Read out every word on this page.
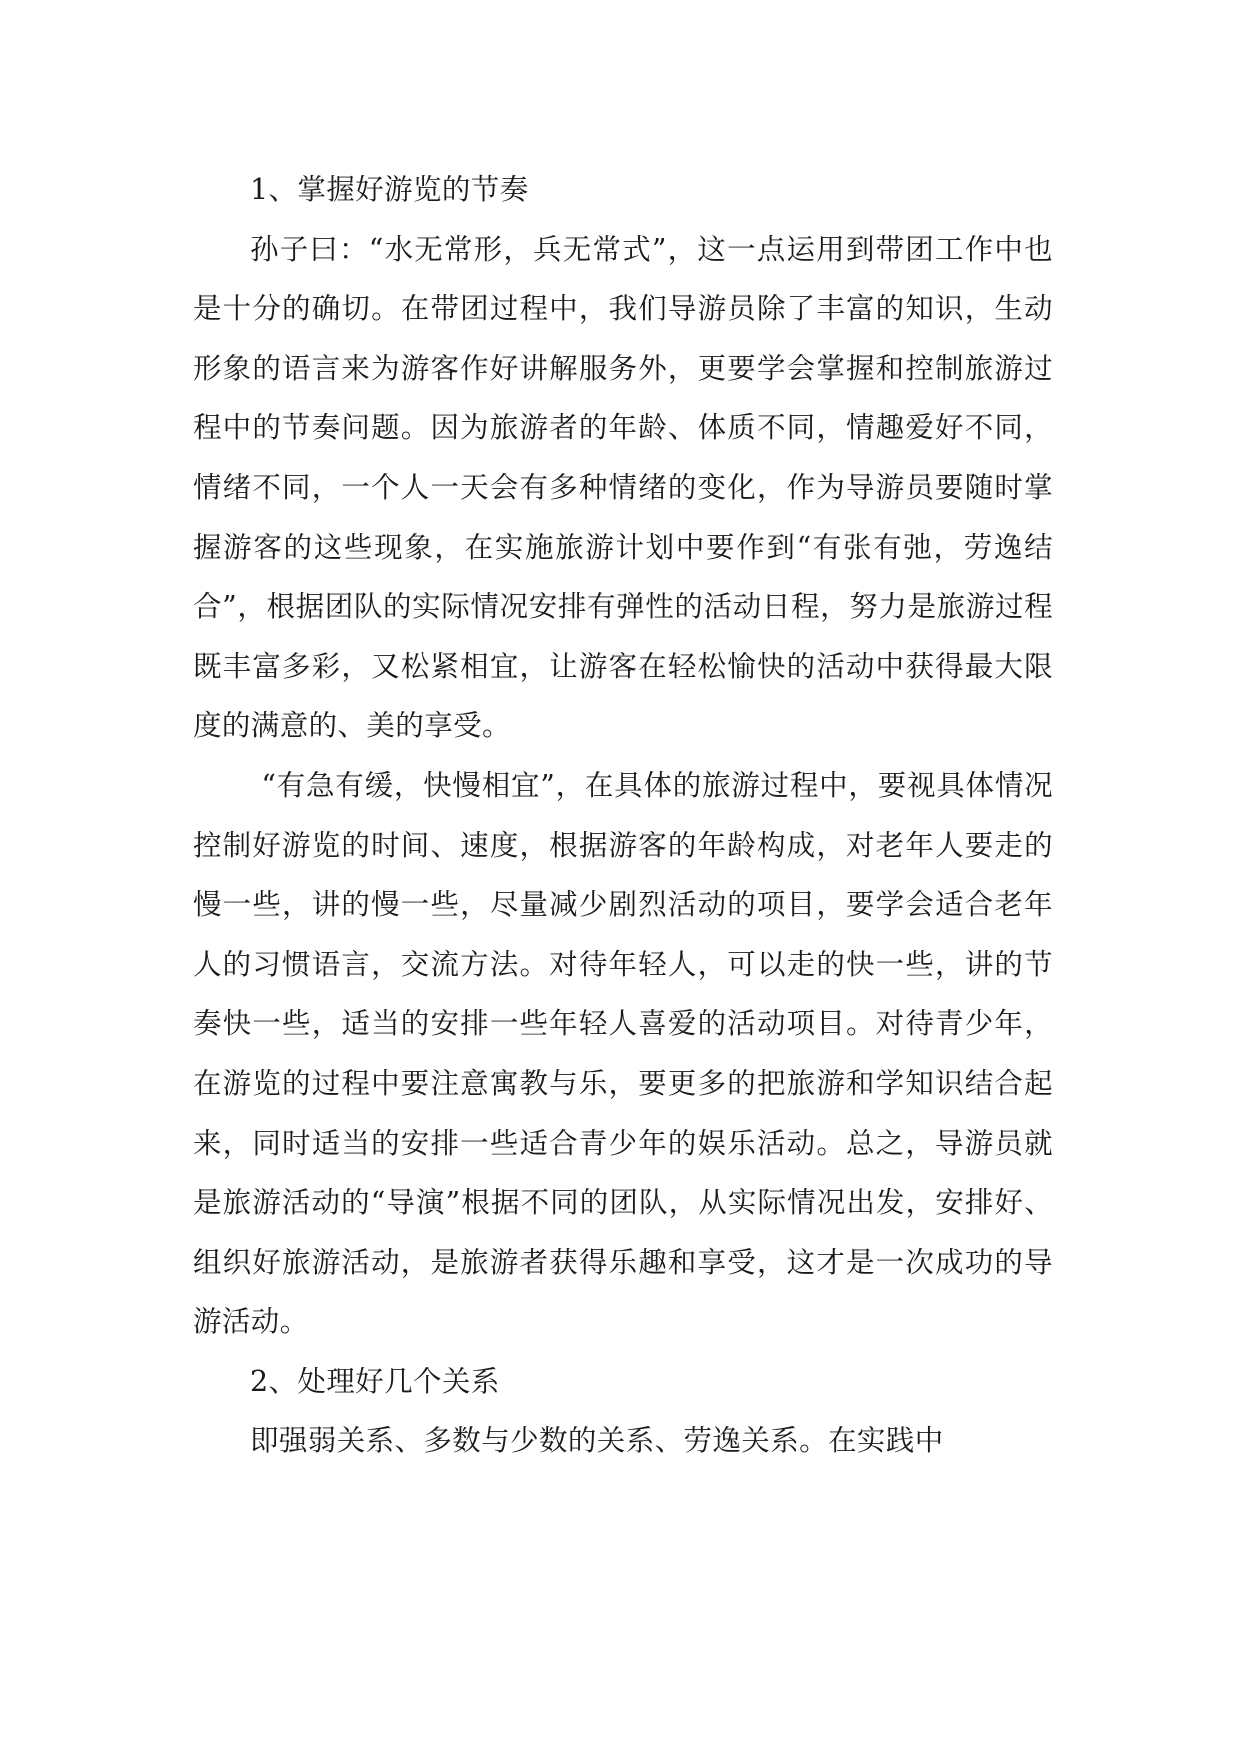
1、掌握好游览的节奏

孙子曰：“水无常形，兵无常式”，这一点运用到带团工作中也是十分的确切。在带团过程中，我们导游员除了丰富的知识，生动形象的语言来为游客作好讲解服务外，更要学会掌握和控制旅游过程中的节奏问题。因为旅游者的年龄、体质不同，情趣爱好不同，情绪不同，一个人一天会有多种情绪的变化，作为导游员要随时掌握游客的这些现象，在实施旅游计划中要作到“有张有弛，劳逸结合”，根据团队的实际情况安排有弹性的活动日程，努力是旅游过程既丰富多彩，又松紧相宜，让游客在轻松愉快的活动中获得最大限度的满意的、美的享受。

“有急有缓，快慢相宜”，在具体的旅游过程中，要视具体情况控制好游览的时间、速度，根据游客的年龄构成，对老年人要走的慢一些，讲的慢一些，尽量减少剧烈活动的项目，要学会适合老年人的习惯语言，交流方法。对待年轻人，可以走的快一些，讲的节奏快一些，适当的安排一些年轻人喜爱的活动项目。对待青少年，在游览的过程中要注意寓教与乐，要更多的把旅游和学知识结合起来，同时适当的安排一些适合青少年的娱乐活动。总之，导游员就是旅游活动的“导演”根据不同的团队，从实际情况出发，安排好、组织好旅游活动，是旅游者获得乐趣和享受，这才是一次成功的导游活动。

2、处理好几个关系

即强弱关系、多数与少数的关系、劳逸关系。在实践中
